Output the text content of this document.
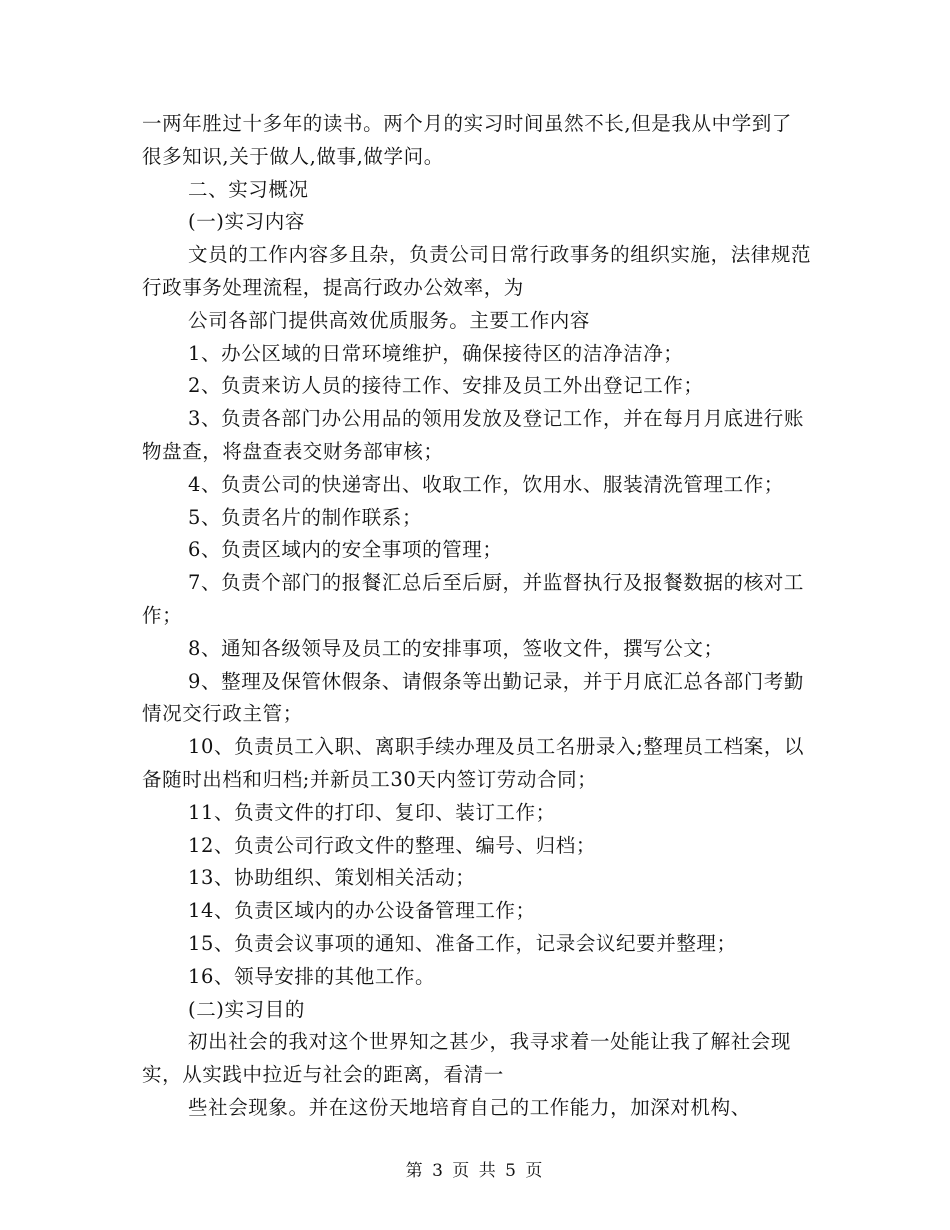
一两年胜过十多年的读书。两个月的实习时间虽然不长,但是我从中学到了很多知识,关于做人,做事,做学问。

二、实习概况

(一)实习内容

文员的工作内容多且杂，负责公司日常行政事务的组织实施，法律规范行政事务处理流程，提高行政办公效率，为

公司各部门提供高效优质服务。主要工作内容

1、办公区域的日常环境维护，确保接待区的洁净洁净；

2、负责来访人员的接待工作、安排及员工外出登记工作；

3、负责各部门办公用品的领用发放及登记工作，并在每月月底进行账物盘查，将盘查表交财务部审核；

4、负责公司的快递寄出、收取工作，饮用水、服装清洗管理工作；

5、负责名片的制作联系；

6、负责区域内的安全事项的管理；

7、负责个部门的报餐汇总后至后厨，并监督执行及报餐数据的核对工作；

8、通知各级领导及员工的安排事项，签收文件，撰写公文；

9、整理及保管休假条、请假条等出勤记录，并于月底汇总各部门考勤情况交行政主管；

10、负责员工入职、离职手续办理及员工名册录入;整理员工档案，以备随时出档和归档;并新员工30天内签订劳动合同；

11、负责文件的打印、复印、装订工作；

12、负责公司行政文件的整理、编号、归档；

13、协助组织、策划相关活动；

14、负责区域内的办公设备管理工作；

15、负责会议事项的通知、准备工作，记录会议纪要并整理；

16、领导安排的其他工作。

(二)实习目的

初出社会的我对这个世界知之甚少，我寻求着一处能让我了解社会现实，从实践中拉近与社会的距离，看清一

些社会现象。并在这份天地培育自己的工作能力，加深对机构、

第 3 页 共 5 页
